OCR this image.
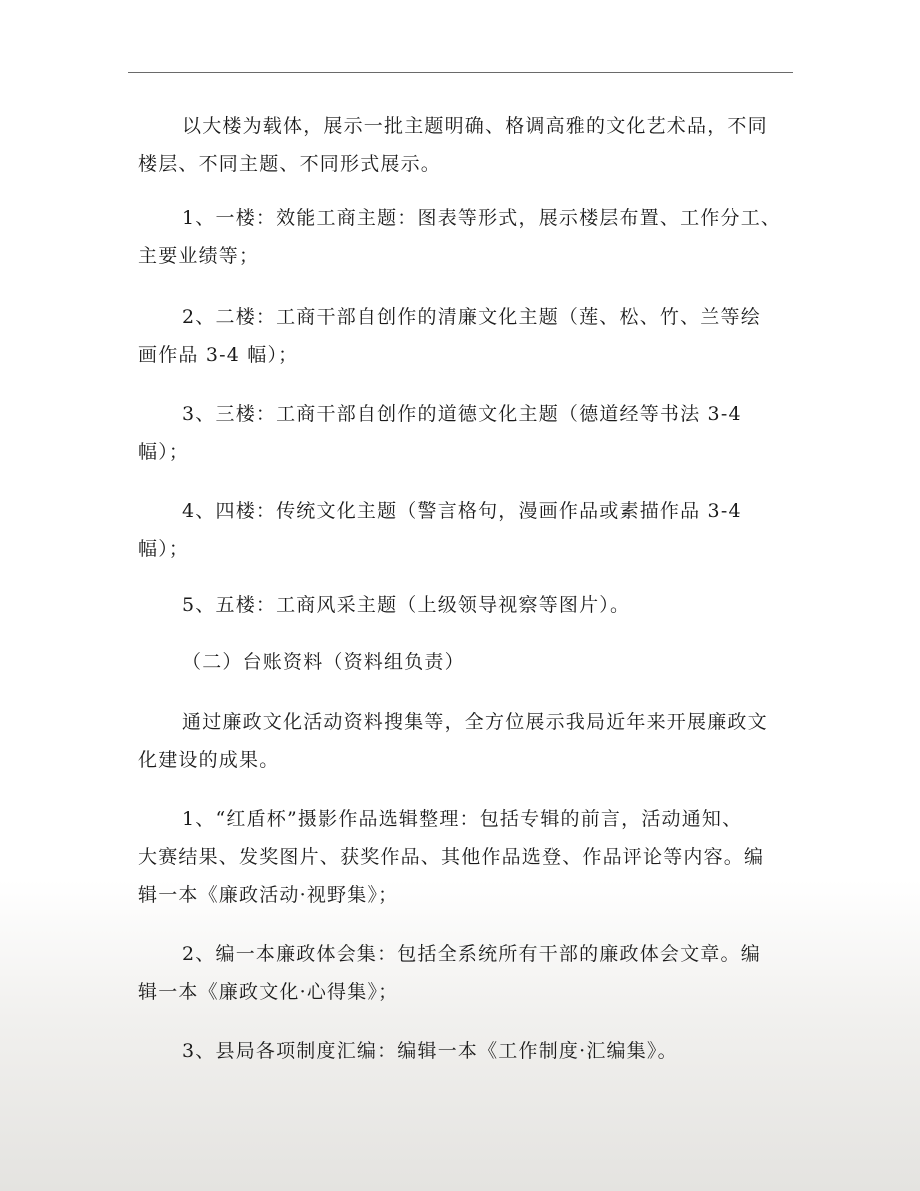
以大楼为载体，展示一批主题明确、格调高雅的文化艺术品，不同
楼层、不同主题、不同形式展示。
1、一楼：效能工商主题：图表等形式，展示楼层布置、工作分工、
主要业绩等；
2、二楼：工商干部自创作的清廉文化主题（莲、松、竹、兰等绘
画作品 3-4 幅）；
3、三楼：工商干部自创作的道德文化主题（德道经等书法 3-4
幅）；
4、四楼：传统文化主题（警言格句，漫画作品或素描作品 3-4
幅）；
5、五楼：工商风采主题（上级领导视察等图片）。
（二）台账资料（资料组负责）
通过廉政文化活动资料搜集等，全方位展示我局近年来开展廉政文
化建设的成果。
1、“红盾杯”摄影作品选辑整理：包括专辑的前言，活动通知、
大赛结果、发奖图片、获奖作品、其他作品选登、作品评论等内容。编
辑一本《廉政活动·视野集》；
2、编一本廉政体会集：包括全系统所有干部的廉政体会文章。编
辑一本《廉政文化·心得集》；
3、县局各项制度汇编：编辑一本《工作制度·汇编集》。
